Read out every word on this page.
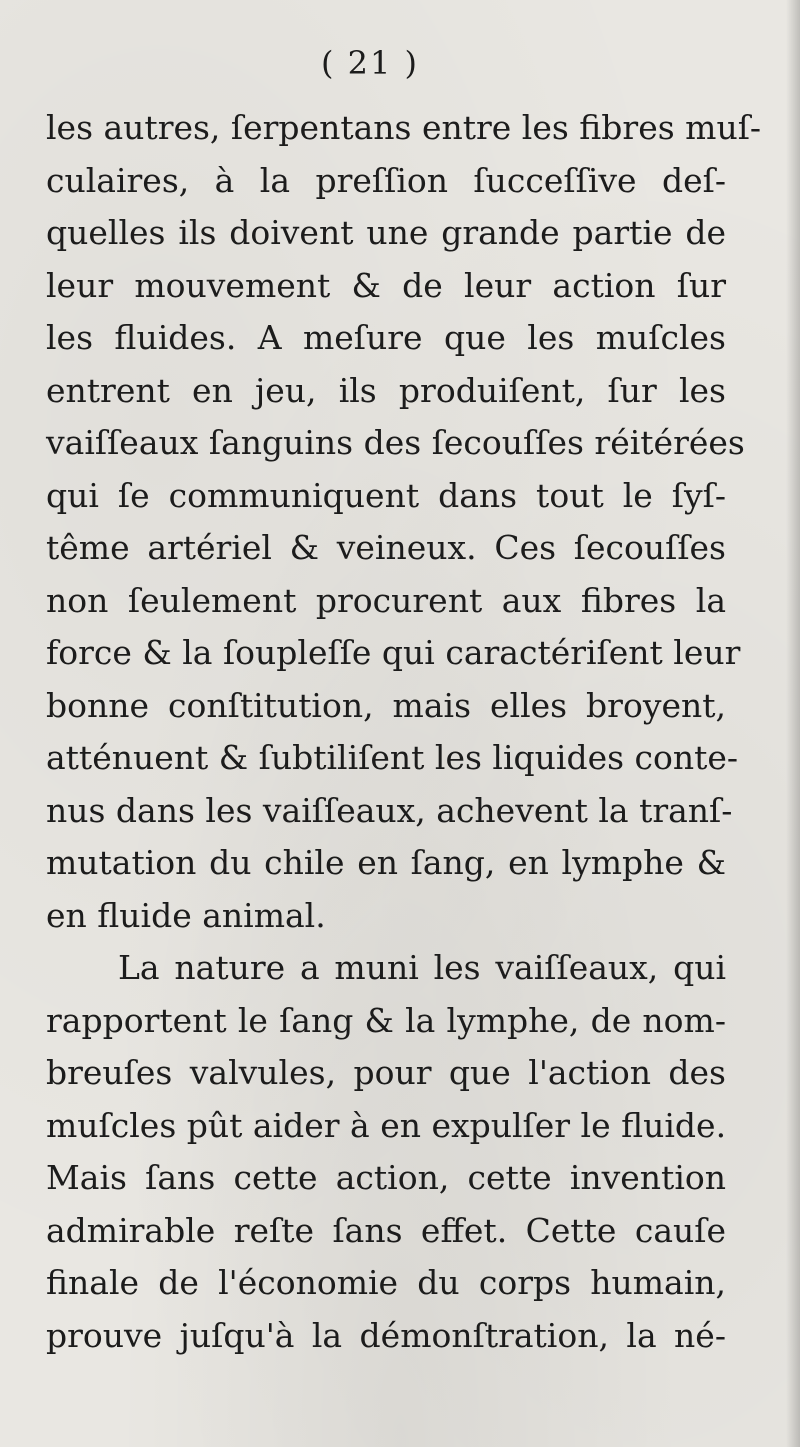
( 21 )
les autres, ſerpentans entre les fibres muſ-
culaires, à la preſſion ſucceſſive deſ-
quelles ils doivent une grande partie de
leur mouvement & de leur action ſur
les fluides. A meſure que les muſcles
entrent en jeu, ils produiſent, ſur les
vaiſſeaux ſanguins des ſecouſſes réitérées
qui ſe communiquent dans tout le ſyſ-
tême artériel & veineux. Ces ſecouſſes
non ſeulement procurent aux fibres la
force & la ſoupleſſe qui caractériſent leur
bonne conſtitution, mais elles broyent,
atténuent & ſubtiliſent les liquides conte-
nus dans les vaiſſeaux, achevent la tranſ-
mutation du chile en ſang, en lymphe &
en fluide animal.
La nature a muni les vaiſſeaux, qui
rapportent le ſang & la lymphe, de nom-
breuſes valvules, pour que l'action des
muſcles pût aider à en expulſer le fluide.
Mais ſans cette action, cette invention
admirable reſte ſans effet. Cette cauſe
finale de l'économie du corps humain,
prouve juſqu'à la démonſtration, la né-
